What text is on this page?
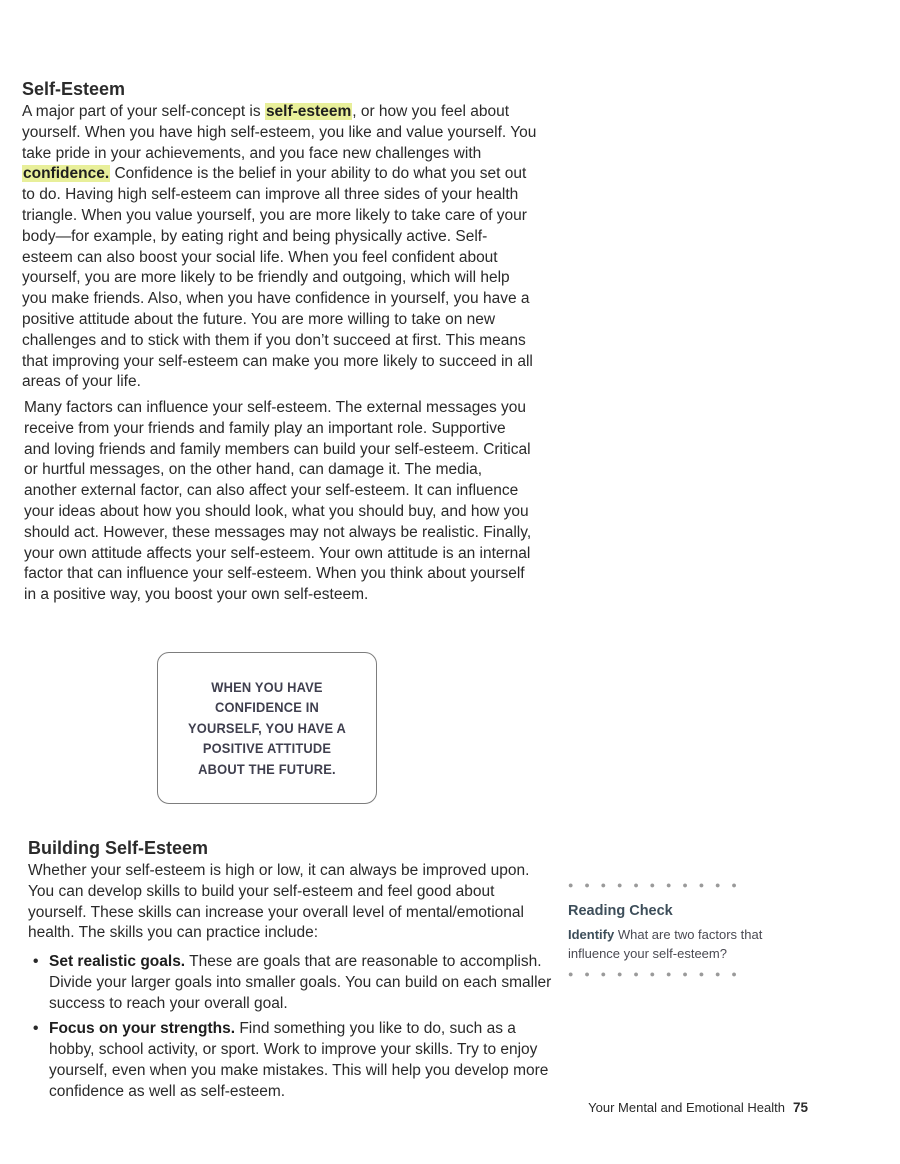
Self-Esteem

A major part of your self-concept is self-esteem, or how you feel about yourself. When you have high self-esteem, you like and value yourself. You take pride in your achievements, and you face new challenges with confidence. Confidence is the belief in your ability to do what you set out to do. Having high self-esteem can improve all three sides of your health triangle. When you value yourself, you are more likely to take care of your body—for example, by eating right and being physically active. Self-esteem can also boost your social life. When you feel confident about yourself, you are more likely to be friendly and outgoing, which will help you make friends. Also, when you have confidence in yourself, you have a positive attitude about the future. You are more willing to take on new challenges and to stick with them if you don’t succeed at first. This means that improving your self-esteem can make you more likely to succeed in all areas of your life.

Many factors can influence your self-esteem. The external messages you receive from your friends and family play an important role. Supportive and loving friends and family members can build your self-esteem. Critical or hurtful messages, on the other hand, can damage it. The media, another external factor, can also affect your self-esteem. It can influence your ideas about how you should look, what you should buy, and how you should act. However, these messages may not always be realistic. Finally, your own attitude affects your self-esteem. Your own attitude is an internal factor that can influence your self-esteem. When you think about yourself in a positive way, you boost your own self-esteem.

WHEN YOU HAVE CONFIDENCE IN YOURSELF, YOU HAVE A POSITIVE ATTITUDE ABOUT THE FUTURE.
Building Self-Esteem

Whether your self-esteem is high or low, it can always be improved upon. You can develop skills to build your self-esteem and feel good about yourself. These skills can increase your overall level of mental/emotional health. The skills you can practice include:

• Set realistic goals. These are goals that are reasonable to accomplish. Divide your larger goals into smaller goals. You can build on each smaller success to reach your overall goal.
• Focus on your strengths. Find something you like to do, such as a hobby, school activity, or sport. Work to improve your skills. Try to enjoy yourself, even when you make mistakes. This will help you develop more confidence as well as self-esteem.
● ● ● ● ● ● ● ● ● ● ●
Reading Check
Identify What are two factors that influence your self-esteem?
● ● ● ● ● ● ● ● ● ● ●
Your Mental and Emotional Health 75
